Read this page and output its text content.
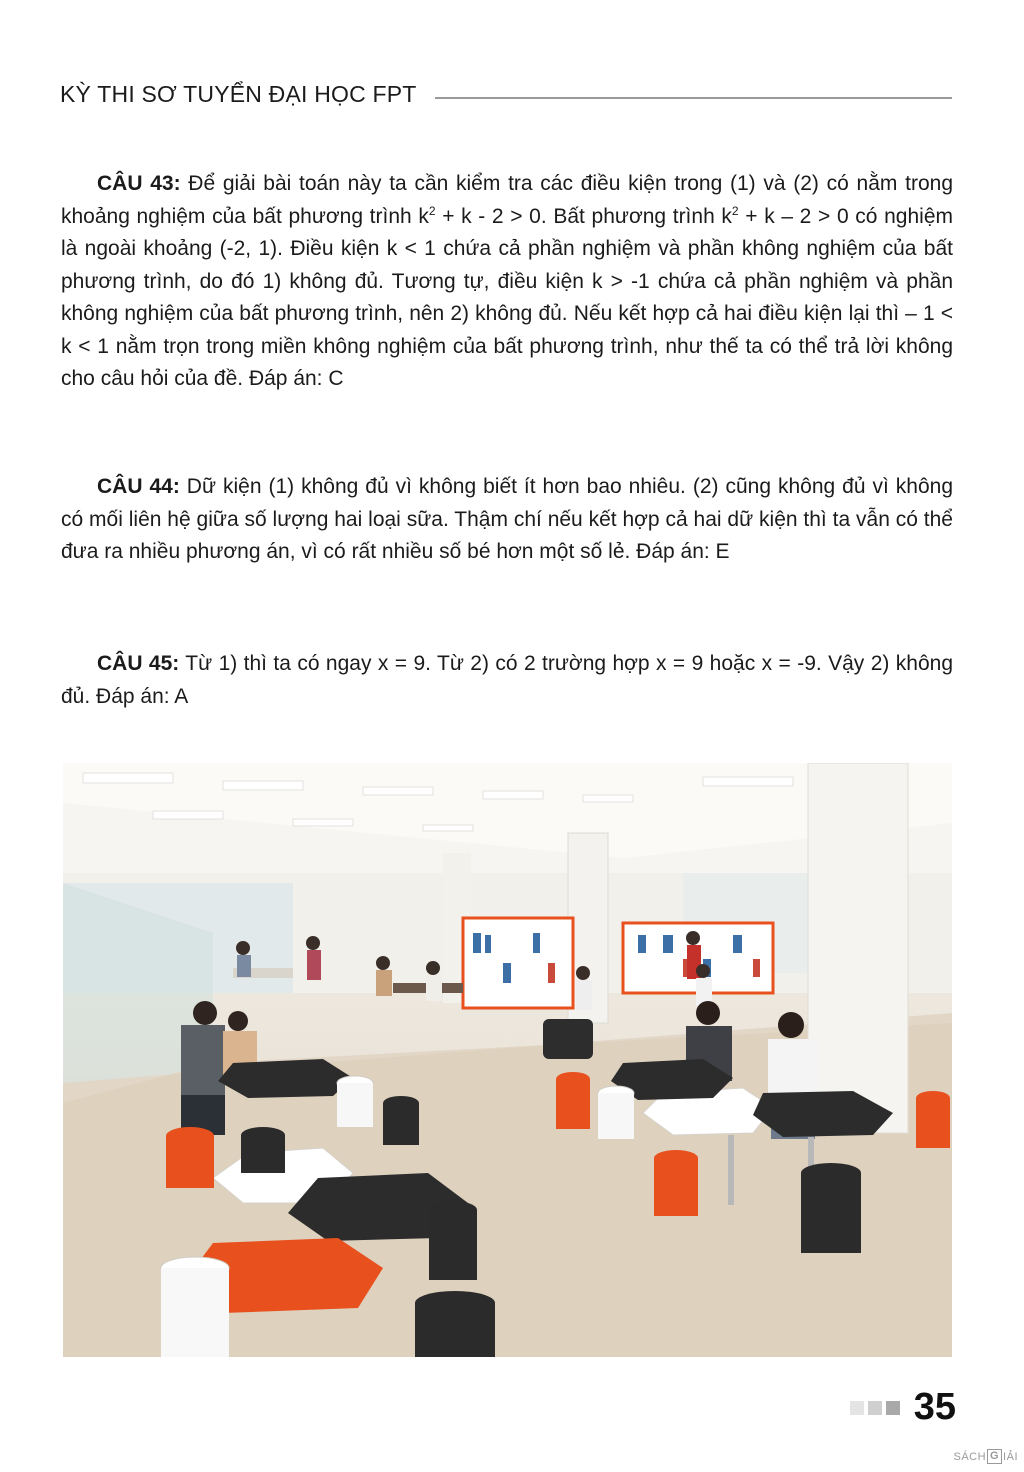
KỲ THI SƠ TUYỂN ĐẠI HỌC FPT

CÂU 43: Để giải bài toán này ta cần kiểm tra các điều kiện trong (1) và (2) có nằm trong khoảng nghiệm của bất phương trình $k^2 + k - 2 > 0$. Bất phương trình $k^2 + k - 2 > 0$ có nghiệm là ngoài khoảng (-2, 1). Điều kiện k < 1 chứa cả phần nghiệm và phần không nghiệm của bất phương trình, do đó 1) không đủ. Tương tự, điều kiện k > -1 chứa cả phần nghiệm và phần không nghiệm của bất phương trình, nên 2) không đủ. Nếu kết hợp cả hai điều kiện lại thì – 1 < k < 1 nằm trọn trong miền không nghiệm của bất phương trình, như thế ta có thể trả lời không cho câu hỏi của đề. Đáp án: C

CÂU 44: Dữ kiện (1) không đủ vì không biết ít hơn bao nhiêu. (2) cũng không đủ vì không có mối liên hệ giữa số lượng hai loại sữa. Thậm chí nếu kết hợp cả hai dữ kiện thì ta vẫn có thể đưa ra nhiều phương án, vì có rất nhiều số bé hơn một số lẻ. Đáp án: E

CÂU 45: Từ 1) thì ta có ngay x = 9. Từ 2) có 2 trường hợp x = 9 hoặc x = -9. Vậy 2) không đủ. Đáp án: A

35
SÁCH G IẢI
